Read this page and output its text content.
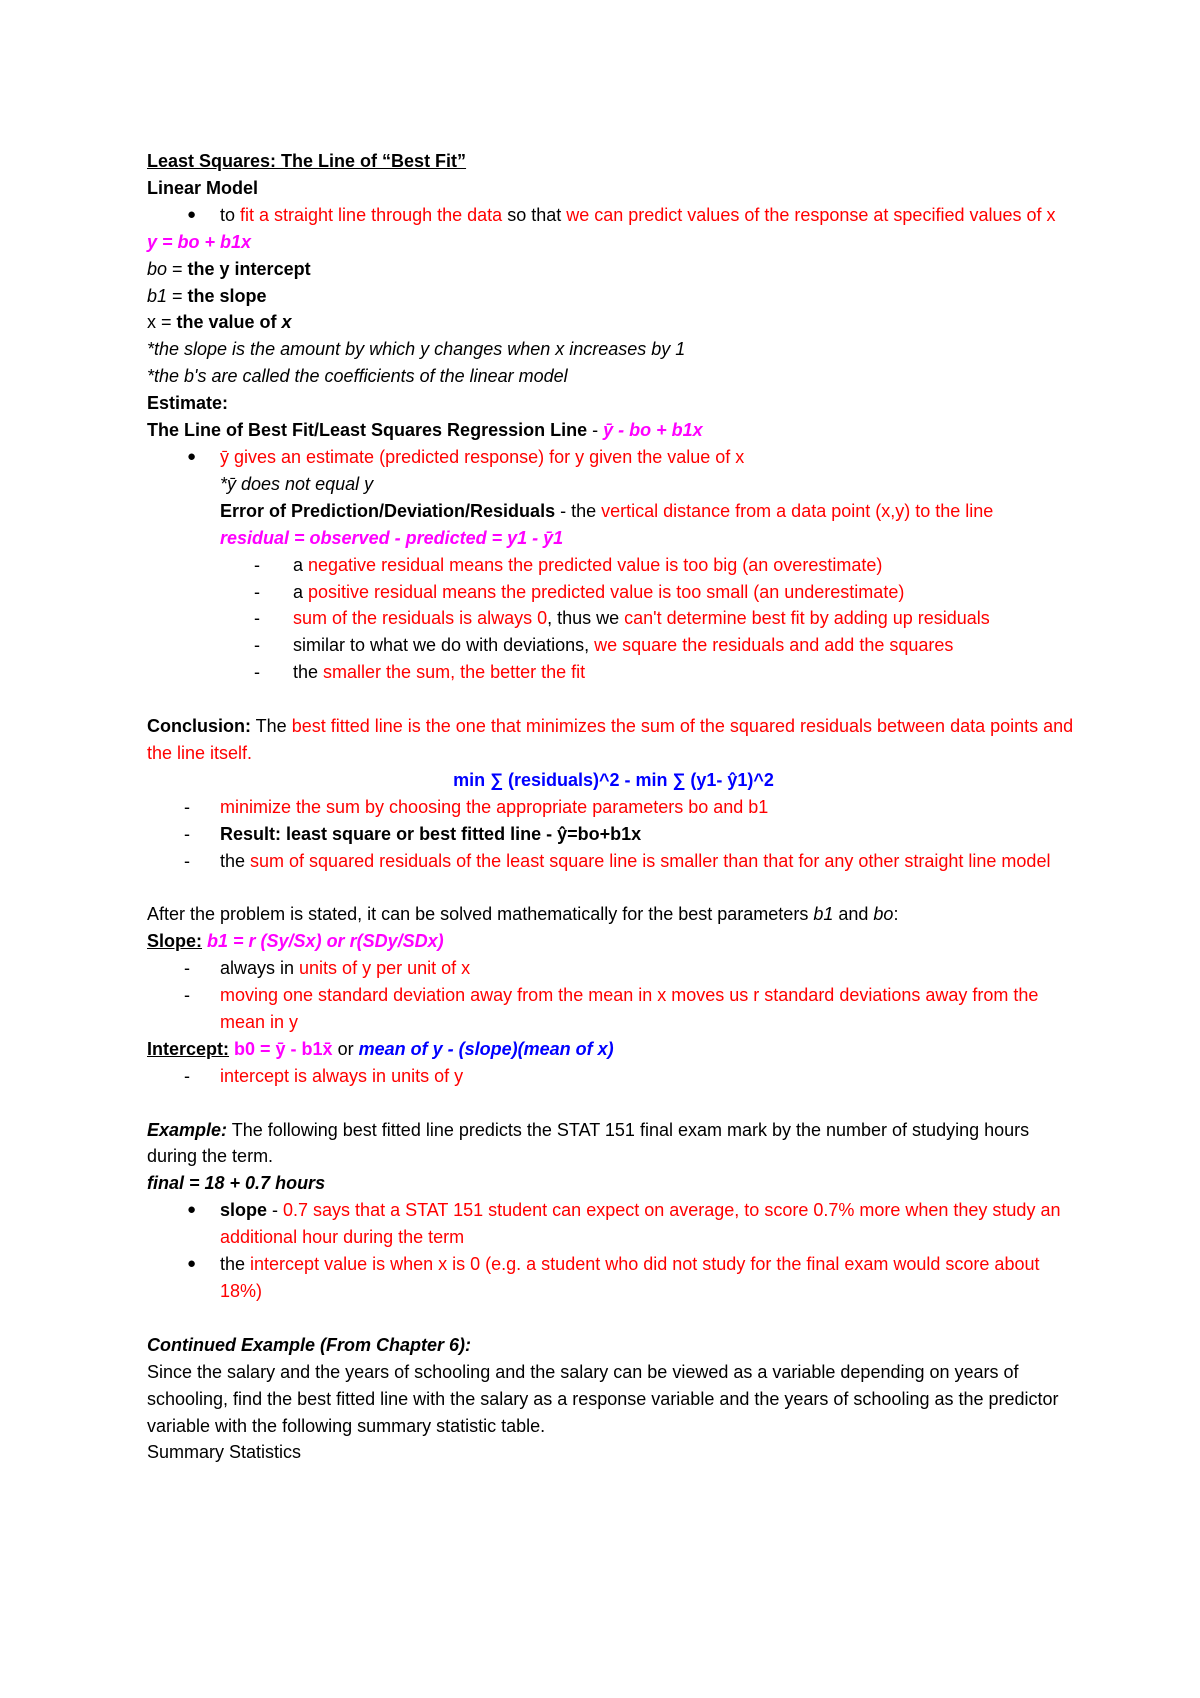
Least Squares: The Line of “Best Fit”
Linear Model
● to fit a straight line through the data so that we can predict values of the response at specified values of x
y = bo + b1x
bo = the y intercept
b1 = the slope
x = the value of x
*the slope is the amount by which y changes when x increases by 1
*the b's are called the coefficients of the linear model
Estimate:
The Line of Best Fit/Least Squares Regression Line - ȳ - bo + b1x
● ȳ gives an estimate (predicted response) for y given the value of x
*ȳ does not equal y
Error of Prediction/Deviation/Residuals - the vertical distance from a data point (x,y) to the line
residual = observed - predicted = y1 - ȳ1
- a negative residual means the predicted value is too big (an overestimate)
- a positive residual means the predicted value is too small (an underestimate)
- sum of the residuals is always 0, thus we can't determine best fit by adding up residuals
- similar to what we do with deviations, we square the residuals and add the squares
- the smaller the sum, the better the fit
Conclusion: The best fitted line is the one that minimizes the sum of the squared residuals between data points and the line itself.
min ∑ (residuals)^2 - min ∑ (y1- ŷ1)^2
- minimize the sum by choosing the appropriate parameters bo and b1
- Result: least square or best fitted line - ŷ=bo+b1x
- the sum of squared residuals of the least square line is smaller than that for any other straight line model
After the problem is stated, it can be solved mathematically for the best parameters b1 and bo:
Slope: b1 = r (Sy/Sx) or r(SDy/SDx)
- always in units of y per unit of x
- moving one standard deviation away from the mean in x moves us r standard deviations away from the mean in y
Intercept: b0 = ȳ - b1x̄ or mean of y - (slope)(mean of x)
- intercept is always in units of y
Example: The following best fitted line predicts the STAT 151 final exam mark by the number of studying hours during the term.
final = 18 + 0.7 hours
● slope - 0.7 says that a STAT 151 student can expect on average, to score 0.7% more when they study an additional hour during the term
● the intercept value is when x is 0 (e.g. a student who did not study for the final exam would score about 18%)
Continued Example (From Chapter 6):
Since the salary and the years of schooling and the salary can be viewed as a variable depending on years of schooling, find the best fitted line with the salary as a response variable and the years of schooling as the predictor variable with the following summary statistic table.
Summary Statistics
